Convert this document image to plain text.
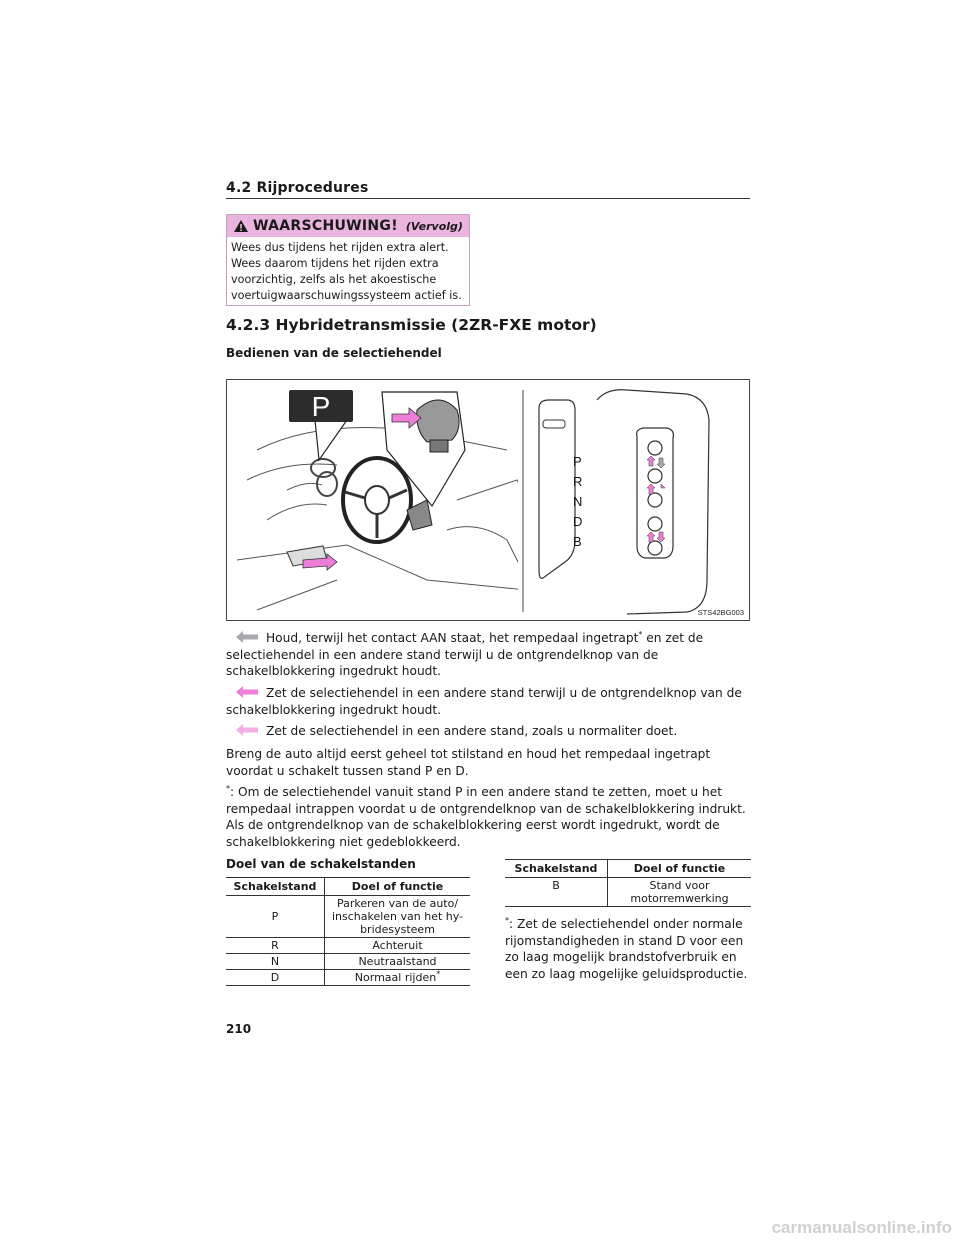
4.2 Rijprocedures
WAARSCHUWING! (Vervolg)
Wees dus tijdens het rijden extra alert. Wees daarom tijdens het rijden extra voorzichtig, zelfs als het akoestische voertuigwaarschuwingssysteem actief is.
4.2.3 Hybridetransmissie (2ZR-FXE motor)
Bedienen van de selectiehendel
P
P
R
N
D
B
STS42BG003
Houd, terwijl het contact AAN staat, het rempedaal ingetrapt* en zet de selectiehendel in een andere stand terwijl u de ontgrendelknop van de schakelblokkering ingedrukt houdt.
Zet de selectiehendel in een andere stand terwijl u de ontgrendelknop van de schakelblokkering ingedrukt houdt.
Zet de selectiehendel in een andere stand, zoals u normaliter doet.
Breng de auto altijd eerst geheel tot stilstand en houd het rempedaal ingetrapt voordat u schakelt tussen stand P en D.
*: Om de selectiehendel vanuit stand P in een andere stand te zetten, moet u het rempedaal intrappen voordat u de ontgrendelknop van de schakelblokkering indrukt. Als de ontgrendelknop van de schakelblokkering eerst wordt ingedrukt, wordt de schakelblokkering niet gedeblokkeerd.
Doel van de schakelstanden
Schakelstand	Doel of functie
P	Parkeren van de auto/ inschakelen van het hy-bridesysteem
R	Achteruit
N	Neutraalstand
D	Normaal rijden*
Schakelstand	Doel of functie
B	Stand voor motorremwerking
*: Zet de selectiehendel onder normale rijomstandigheden in stand D voor een zo laag mogelijk brandstofverbruik en een zo laag mogelijke geluidsproductie.
210
carmanualsonline.info
